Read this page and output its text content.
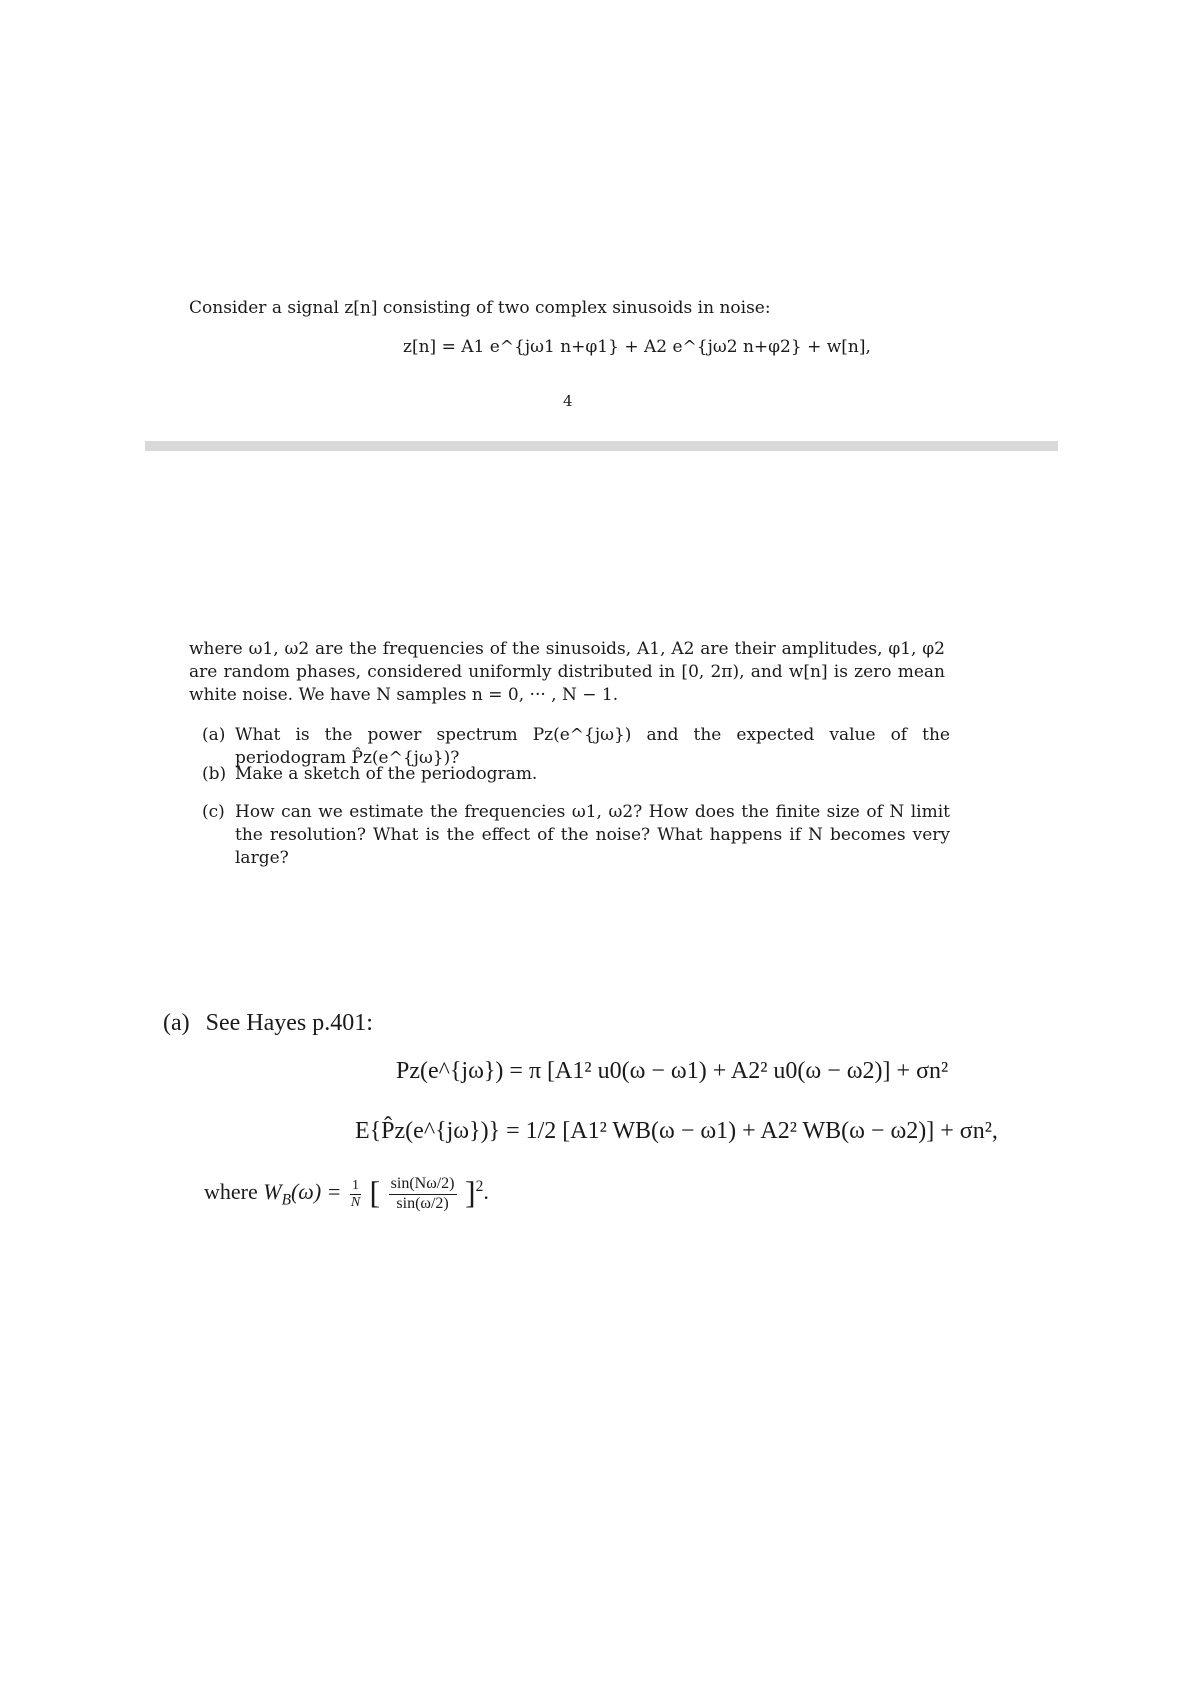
Consider a signal z[n] consisting of two complex sinusoids in noise:
z[n] = A1 e^{jω1 n+φ1} + A2 e^{jω2 n+φ2} + w[n],
4
where ω1, ω2 are the frequencies of the sinusoids, A1, A2 are their amplitudes, φ1, φ2 are random phases, considered uniformly distributed in [0, 2π), and w[n] is zero mean white noise. We have N samples n = 0, ··· , N − 1.
(a) What is the power spectrum Pz(e^{jω}) and the expected value of the periodogram P̂z(e^{jω})?
(b) Make a sketch of the periodogram.
(c) How can we estimate the frequencies ω1, ω2? How does the finite size of N limit the resolution? What is the effect of the noise? What happens if N becomes very large?
(a) See Hayes p.401:
Pz(e^{jω}) = π [A1² u0(ω − ω1) + A2² u0(ω − ω2)] + σn²
E{P̂z(e^{jω})} = 1/2 [A1² WB(ω − ω1) + A2² WB(ω − ω2)] + σn²,
where $W_B(\omega) = \frac{1}{N}$ [ $\frac{\sin(N\omega/2)}{\sin(\omega/2)} ]^2$.
